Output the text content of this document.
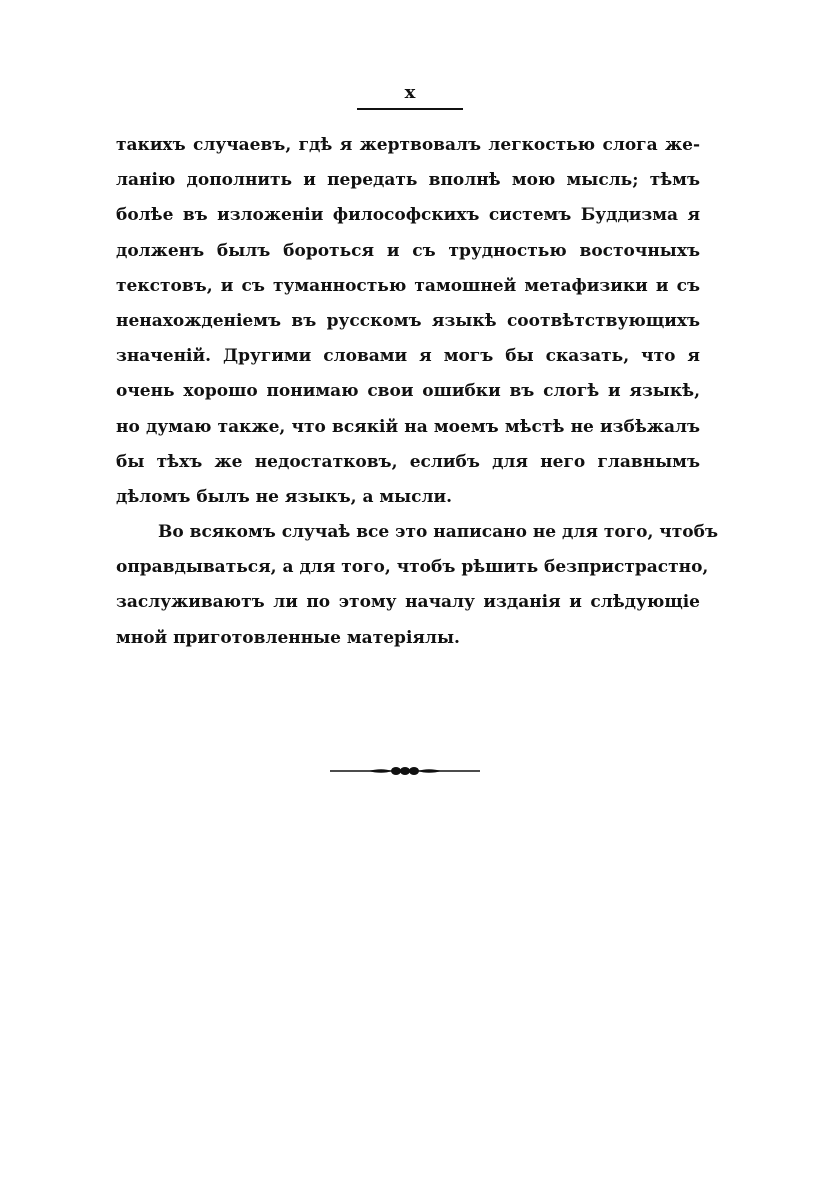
x
такихъ случаевъ, гдѣ я жертвовалъ легкостью слога же-
ланію дополнить и передать вполнѣ мою мысль; тѣмъ
болѣе въ изложеніи философскихъ системъ Буддизма я
долженъ былъ бороться и съ трудностью восточныхъ
текстовъ, и съ туманностью тамошней метафизики и съ
ненахожденіемъ въ русскомъ языкѣ соотвѣтствующихъ
значеній. Другими словами я могъ бы сказать, что я
очень хорошо понимаю свои ошибки въ слогѣ и языкѣ,
но думаю также, что всякій на моемъ мѣстѣ не избѣжалъ
бы тѣхъ же недостатковъ, еслибъ для него главнымъ
дѣломъ былъ не языкъ, а мысли.
Во всякомъ случаѣ все это написано не для того, чтобъ
оправдываться, а для того, чтобъ рѣшить безпристрастно,
заслуживаютъ ли по этому началу изданія и слѣдующіе
мной приготовленные матеріялы.
